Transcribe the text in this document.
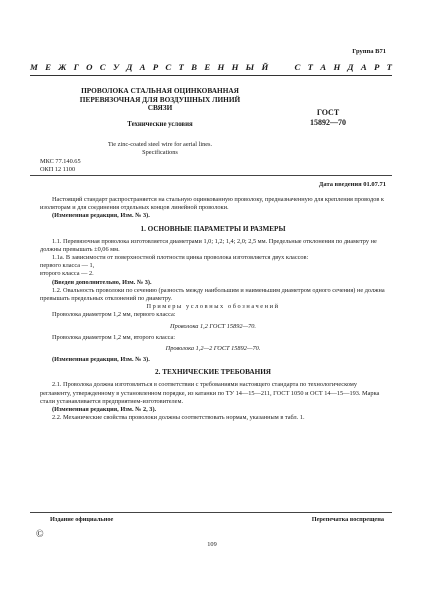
Группа В71
М Е Ж Г О С У Д А Р С Т В Е Н Н Ы Й

	С Т А Н Д А Р Т
ПРОВОЛОКА СТАЛЬНАЯ ОЦИНКОВАННАЯ
ПЕРЕВЯЗОЧНАЯ ДЛЯ ВОЗДУШНЫХ ЛИНИЙ
СВЯЗИ
ГОСТ
15892—70
Технические условия
Tie zinc-coated steel wire for aerial lines.
Specifications
МКС 77.140.65
ОКП 12 1100
Дата введения 01.07.71

Настоящий стандарт распространяется на стальную оцинкованную проволоку, предназначенную для крепления проводов к изоляторам и для соединения отдельных концов линейной проволоки.

(Измененная редакция, Изм. № 3).

1. ОСНОВНЫЕ ПАРАМЕТРЫ И РАЗМЕРЫ

1.1. Перевязочная проволока изготовляется диаметрами 1,0; 1,2; 1,4; 2,0; 2,5 мм. Предельные отклонения по диаметру не должны превышать ±0,06 мм.

1.1а. В зависимости от поверхностной плотности цинка проволока изготовляется двух классов:

первого класса — 1,

второго класса — 2.

(Введен дополнительно, Изм. № 3).

1.2. Овальность проволоки по сечению (разность между наибольшим и наименьшим диаметром одного сечения) не должна превышать предельных отклонений по диаметру.

Примеры условных обозначений

Проволока диаметром 1,2 мм, первого класса:

Проволока 1,2 ГОСТ 15892—70.

Проволока диаметром 1,2 мм, второго класса:

Проволока 1,2—2 ГОСТ 15892—70.

(Измененная редакция, Изм. № 3).

2. ТЕХНИЧЕСКИЕ ТРЕБОВАНИЯ

2.1. Проволока должна изготовляться в соответствии с требованиями настоящего стандарта по технологическому регламенту, утвержденному в установленном порядке, из катанки по ТУ 14—15—211, ГОСТ 1050 и ОСТ 14—15—193. Марка стали устанавливается предприятием-изготовителем.

(Измененная редакция, Изм. № 2, 3).

2.2. Механические свойства проволоки должны соответствовать нормам, указанным в табл. 1.

Издание официальное	Перепечатка воспрещена
©
109
